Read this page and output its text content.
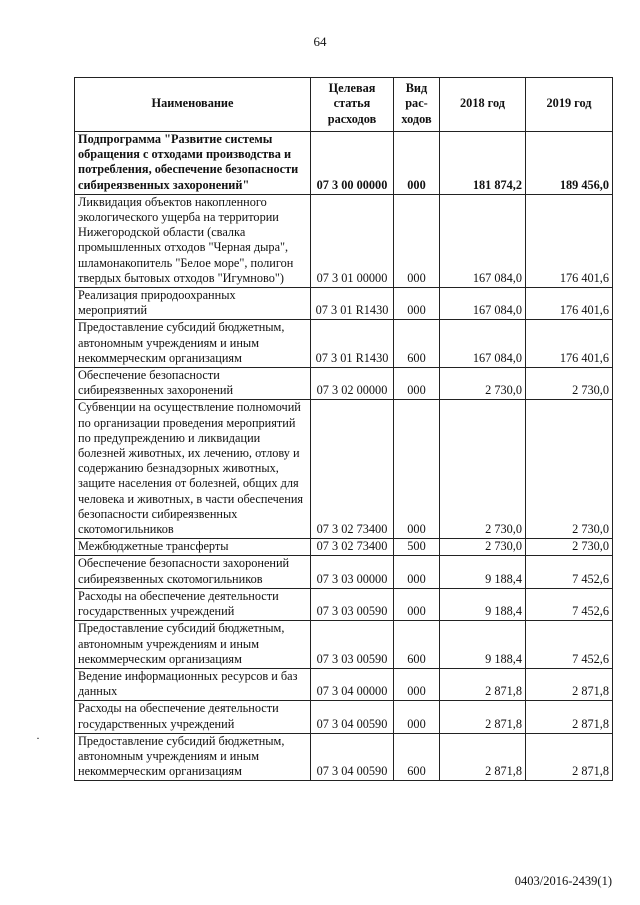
64
Наименование	Целевая статья расходов	Вид рас-ходов	2018 год	2019 год
Подпрограмма "Развитие системы обращения с отходами производства и потребления, обеспечение безопасности сибиреязвенных захоронений"	07 3 00 00000	000	181 874,2	189 456,0
Ликвидация объектов накопленного экологического ущерба на территории Нижегородской области (свалка промышленных отходов "Черная дыра", шламонакопитель "Белое море", полигон твердых бытовых отходов "Игумново")	07 3 01 00000	000	167 084,0	176 401,6
Реализация природоохранных мероприятий	07 3 01 R1430	000	167 084,0	176 401,6
Предоставление субсидий бюджетным, автономным учреждениям и иным некоммерческим организациям	07 3 01 R1430	600	167 084,0	176 401,6
Обеспечение безопасности сибиреязвенных захоронений	07 3 02 00000	000	2 730,0	2 730,0
Субвенции на осуществление полномочий по организации проведения мероприятий по предупреждению и ликвидации болезней животных, их лечению, отлову и содержанию безнадзорных животных, защите населения от болезней, общих для человека и животных, в части обеспечения безопасности сибиреязвенных скотомогильников	07 3 02 73400	000	2 730,0	2 730,0
Межбюджетные трансферты	07 3 02 73400	500	2 730,0	2 730,0
Обеспечение безопасности захоронений сибиреязвенных скотомогильников	07 3 03 00000	000	9 188,4	7 452,6
Расходы на обеспечение деятельности государственных учреждений	07 3 03 00590	000	9 188,4	7 452,6
Предоставление субсидий бюджетным, автономным учреждениям и иным некоммерческим организациям	07 3 03 00590	600	9 188,4	7 452,6
Ведение информационных ресурсов и баз данных	07 3 04 00000	000	2 871,8	2 871,8
Расходы на обеспечение деятельности государственных учреждений	07 3 04 00590	000	2 871,8	2 871,8
Предоставление субсидий бюджетным, автономным учреждениям и иным некоммерческим организациям	07 3 04 00590	600	2 871,8	2 871,8
·
0403/2016-2439(1)
